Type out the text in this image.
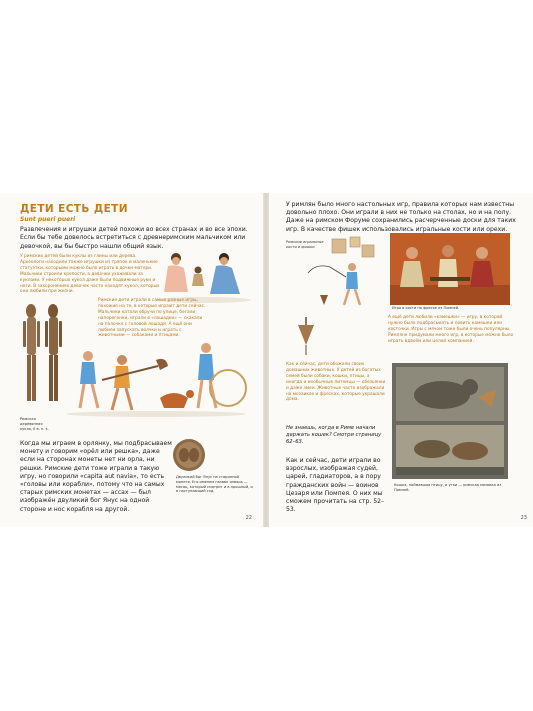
ДЕТИ ЕСТЬ ДЕТИ

Sunt pueri pueri

Развлечения и игрушки детей похожи во всех странах и во все эпохи. Если бы тебе довелось встретиться с древнеримским мальчиком или девочкой, вы бы быстро нашли общий язык.

У римских детей были куклы из глины или дерева. Археологи находили также игрушки из тряпок и маленькие статуэтки, которыми можно было играть в дочки-матери. Мальчики строили крепости, а девочки ухаживали за куклами. У некоторых кукол даже были подвижные руки и ноги. В захоронениях девочек часто находят кукол, которых они любили при жизни.

Римские дети играли в самые разные игры, похожие на те, в которые играют дети сейчас. Мальчики катали обручи по улице, бегали наперегонки, играли в «лошадки» — скакали на палочке с головой лошади. А ещё они любили запускать волчки и играть с животными — собаками и птицами.

Римская деревянная кукла, II в. н. э.

Когда мы играем в орлянку, мы подбрасываем монету и говорим «орёл или решка», даже если на сторонах монеты нет ни орла, ни решки. Римские дети тоже играли в такую игру, но говорили «capita aut navia», то есть «головы или корабли», потому что на самых старых римских монетах — ассах — был изображён двуликий бог Янус на одной стороне и нос корабля на другой.

Двуликий бог Янус на старинной монете. Его именем назван январь — месяц, который смотрит и в прошлый, и в наступающий год.

22

У римлян было много настольных игр, правила которых нам известны довольно плохо. Они играли в них не только на столах, но и на полу. Даже на римском Форуме сохранились расчерченные доски для таких игр. В качестве фишек использовались игральные кости или орехи.

Римские игральные кости и фишки

Игра в кости на фреске из Помпей.

А ещё дети любили «камешки» — игру, в которой нужно было подбрасывать и ловить камешки или косточки. Игры с мячом тоже были очень популярны. Римляне придумали много игр, в которые можно было играть вдвоём или целой компанией.

Как и сейчас, дети обожали своих домашних животных. У детей из богатых семей были собаки, кошки, птицы, а иногда и необычные питомцы — обезьянки и даже змеи. Животных часто изображали на мозаиках и фресках, которые украшали дома.

Не знаешь, когда в Риме начали держать кошек? Смотри страницу 62–63.

Как и сейчас, дети играли во взрослых, изображая судей, царей, гладиаторов, а в пору гражданских войн — воинов Цезаря или Помпея. О них мы сможем прочитать на стр. 52–53.

Кошка, поймавшая птицу, и утки — римская мозаика из Помпей.

23
